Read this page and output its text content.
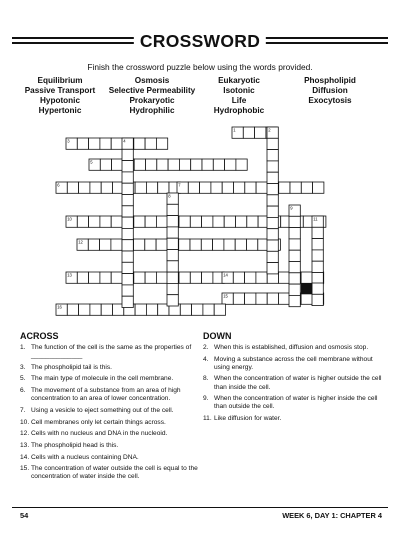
CROSSWORD
Finish the crossword puzzle below using the words provided.
Equilibrium
Passive Transport
Hypotonic
Hypertonic
Osmosis
Selective Permeability
Prokaryotic
Hydrophilic
Eukaryotic
Isotonic
Life
Hydrophobic
Phospholipid
Diffusion
Exocytosis
1	2
3	4
5
6	7
8
9
10	11
12
13	14
15
16
ACROSS
1. The function of the cell is the same as the properties of ______________
3. The phospholipid tail is this.
5. The main type of molecule in the cell membrane.
6. The movement of a substance from an area of high concentration to an area of lower concentration.
7. Using a vesicle to eject something out of the cell.
10. Cell membranes only let certain things across.
12. Cells with no nucleus and DNA in the nucleoid.
13. The phospholipid head is this.
14. Cells with a nucleus containing DNA.
15. The concentration of water outside the cell is equal to the concentration of water inside the cell.
DOWN
2. When this is established, diffusion and osmosis stop.
4. Moving a substance across the cell membrane without using energy.
8. When the concentration of water is higher outside the cell than inside the cell.
9. When the concentration of water is higher inside the cell than outside the cell.
11. Like diffusion for water.
54	WEEK 6, DAY 1: CHAPTER 4
